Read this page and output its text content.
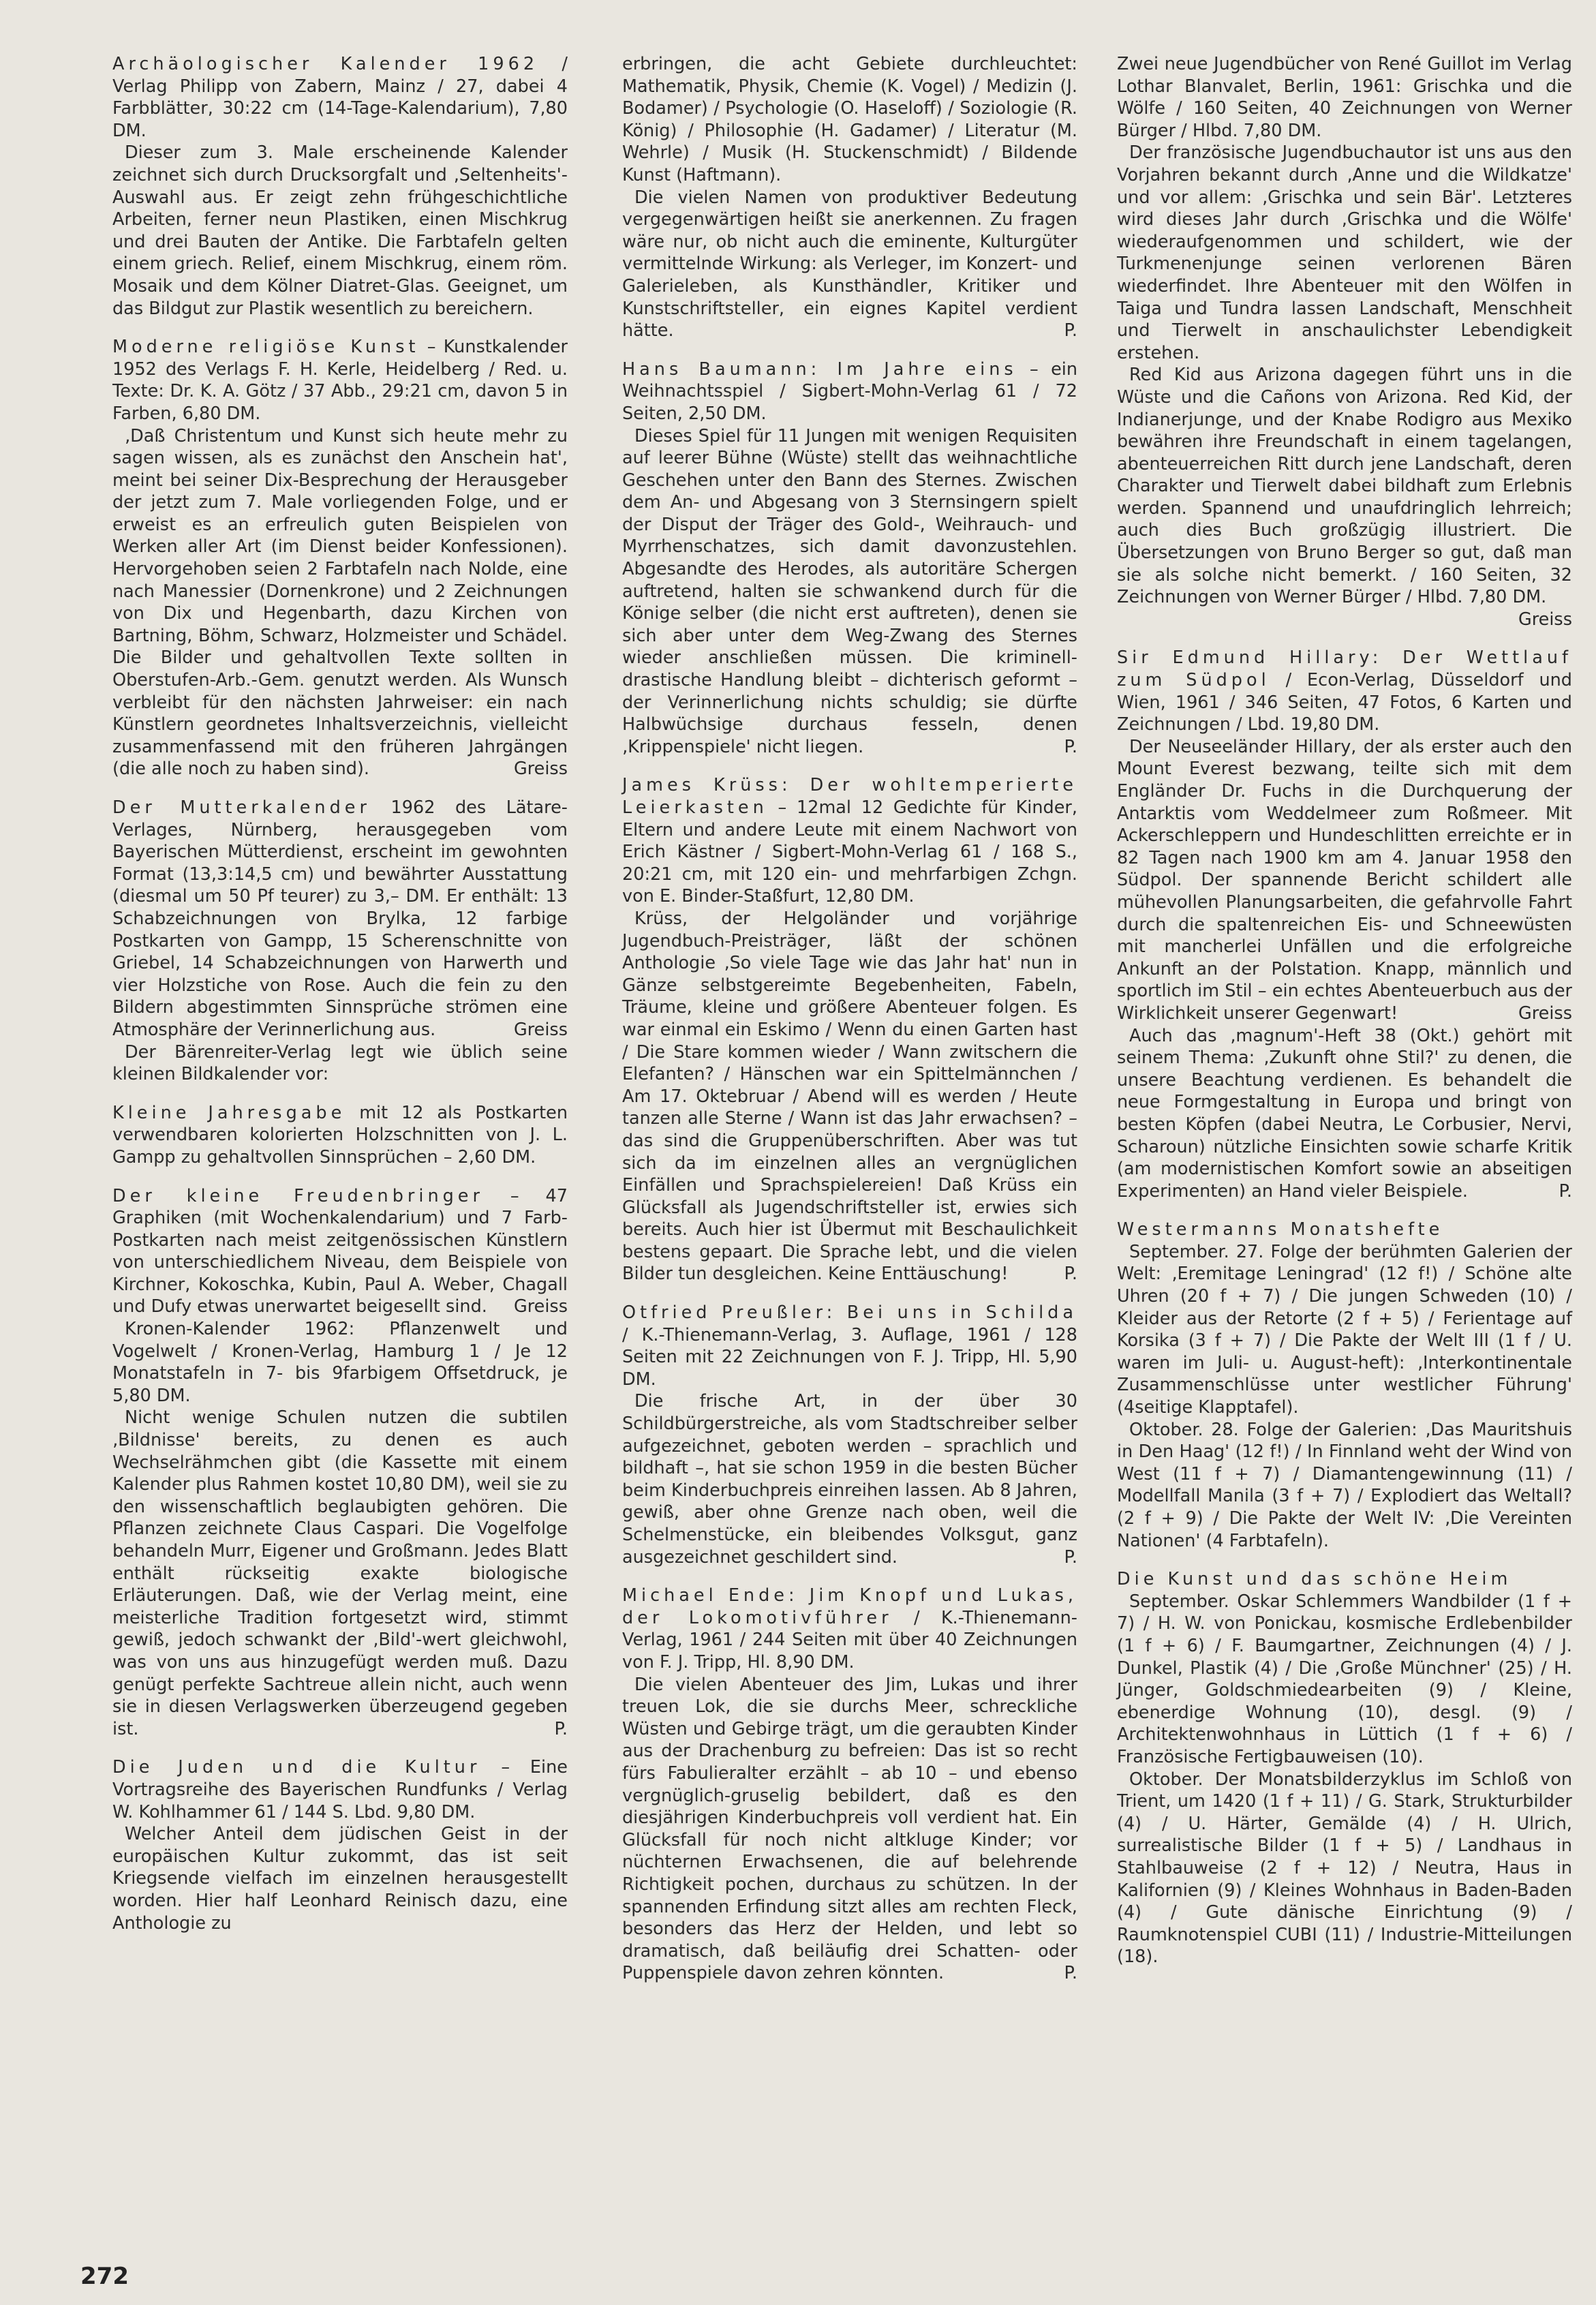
Archäologischer Kalender 1962 / Verlag Philipp von Zabern, Mainz / 27, dabei 4 Farbblätter, 30:22 cm (14-Tage-Kalendarium), 7,80 DM.

Dieser zum 3. Male erscheinende Kalender zeichnet sich durch Drucksorgfalt und ‚Seltenheits'-Auswahl aus. Er zeigt zehn frühgeschichtliche Arbeiten, ferner neun Plastiken, einen Mischkrug und drei Bauten der Antike. Die Farbtafeln gelten einem griech. Relief, einem Mischkrug, einem röm. Mosaik und dem Kölner Diatret-Glas. Geeignet, um das Bildgut zur Plastik wesentlich zu bereichern.

Moderne religiöse Kunst – Kunstkalender 1952 des Verlags F. H. Kerle, Heidelberg / Red. u. Texte: Dr. K. A. Götz / 37 Abb., 29:21 cm, davon 5 in Farben, 6,80 DM.

‚Daß Christentum und Kunst sich heute mehr zu sagen wissen, als es zunächst den Anschein hat', meint bei seiner Dix-Besprechung der Herausgeber der jetzt zum 7. Male vorliegenden Folge, und er erweist es an erfreulich guten Beispielen von Werken aller Art (im Dienst beider Konfessionen). Hervorgehoben seien 2 Farbtafeln nach Nolde, eine nach Manessier (Dornenkrone) und 2 Zeichnungen von Dix und Hegenbarth, dazu Kirchen von Bartning, Böhm, Schwarz, Holzmeister und Schädel. Die Bilder und gehaltvollen Texte sollten in Oberstufen-Arb.-Gem. genutzt werden. Als Wunsch verbleibt für den nächsten Jahrweiser: ein nach Künstlern geordnetes Inhaltsverzeichnis, vielleicht zusammenfassend mit den früheren Jahrgängen (die alle noch zu haben sind).	Greiss

Der Mutterkalender 1962 des Lätare-Verlages, Nürnberg, herausgegeben vom Bayerischen Mütterdienst, erscheint im gewohnten Format (13,3:14,5 cm) und bewährter Ausstattung (diesmal um 50 Pf teurer) zu 3,– DM. Er enthält: 13 Schabzeichnungen von Brylka, 12 farbige Postkarten von Gampp, 15 Scherenschnitte von Griebel, 14 Schabzeichnungen von Harwerth und vier Holzstiche von Rose. Auch die fein zu den Bildern abgestimmten Sinnsprüche strömen eine Atmosphäre der Verinnerlichung aus.	Greiss

Der Bärenreiter-Verlag legt wie üblich seine kleinen Bildkalender vor:

Kleine Jahresgabe mit 12 als Postkarten verwendbaren kolorierten Holzschnitten von J. L. Gampp zu gehaltvollen Sinnsprüchen – 2,60 DM.

Der kleine Freudenbringer – 47 Graphiken (mit Wochenkalendarium) und 7 Farb-Postkarten nach meist zeitgenössischen Künstlern von unterschiedlichem Niveau, dem Beispiele von Kirchner, Kokoschka, Kubin, Paul A. Weber, Chagall und Dufy etwas unerwartet beigesellt sind. Greiss

Kronen-Kalender 1962: Pflanzenwelt und Vogelwelt / Kronen-Verlag, Hamburg 1 / Je 12 Monatstafeln in 7- bis 9farbigem Offsetdruck, je 5,80 DM.

Nicht wenige Schulen nutzen die subtilen ‚Bildnisse' bereits, zu denen es auch Wechselrähmchen gibt (die Kassette mit einem Kalender plus Rahmen kostet 10,80 DM), weil sie zu den wissenschaftlich beglaubigten gehören. Die Pflanzen zeichnete Claus Caspari. Die Vogelfolge behandeln Murr, Eigener und Großmann. Jedes Blatt enthält rückseitig exakte biologische Erläuterungen. Daß, wie der Verlag meint, eine meisterliche Tradition fortgesetzt wird, stimmt gewiß, jedoch schwankt der ‚Bild'-wert gleichwohl, was von uns aus hinzugefügt werden muß. Dazu genügt perfekte Sachtreue allein nicht, auch wenn sie in diesen Verlagswerken überzeugend gegeben ist.	P.

Die Juden und die Kultur – Eine Vortragsreihe des Bayerischen Rundfunks / Verlag W. Kohlhammer 61 / 144 S. Lbd. 9,80 DM.

Welcher Anteil dem jüdischen Geist in der europäischen Kultur zukommt, das ist seit Kriegsende vielfach im einzelnen herausgestellt worden. Hier half Leonhard Reinisch dazu, eine Anthologie zu

erbringen, die acht Gebiete durchleuchtet: Mathematik, Physik, Chemie (K. Vogel) / Medizin (J. Bodamer) / Psychologie (O. Haseloff) / Soziologie (R. König) / Philosophie (H. Gadamer) / Literatur (M. Wehrle) / Musik (H. Stuckenschmidt) / Bildende Kunst (Haftmann).

Die vielen Namen von produktiver Bedeutung vergegenwärtigen heißt sie anerkennen. Zu fragen wäre nur, ob nicht auch die eminente, Kulturgüter vermittelnde Wirkung: als Verleger, im Konzert- und Galerieleben, als Kunsthändler, Kritiker und Kunstschriftsteller, ein eignes Kapitel verdient hätte.	P.

Hans Baumann: Im Jahre eins – ein Weihnachtsspiel / Sigbert-Mohn-Verlag 61 / 72 Seiten, 2,50 DM.

Dieses Spiel für 11 Jungen mit wenigen Requisiten auf leerer Bühne (Wüste) stellt das weihnachtliche Geschehen unter den Bann des Sternes. Zwischen dem An- und Abgesang von 3 Sternsingern spielt der Disput der Träger des Gold-, Weihrauch- und Myrrhenschatzes, sich damit davonzustehlen. Abgesandte des Herodes, als autoritäre Schergen auftretend, halten sie schwankend durch für die Könige selber (die nicht erst auftreten), denen sie sich aber unter dem Weg-Zwang des Sternes wieder anschließen müssen. Die kriminell-drastische Handlung bleibt – dichterisch geformt – der Verinnerlichung nichts schuldig; sie dürfte Halbwüchsige durchaus fesseln, denen ‚Krippenspiele' nicht liegen.	P.

James Krüss: Der wohltemperierte Leierkasten – 12mal 12 Gedichte für Kinder, Eltern und andere Leute mit einem Nachwort von Erich Kästner / Sigbert-Mohn-Verlag 61 / 168 S., 20:21 cm, mit 120 ein- und mehrfarbigen Zchgn. von E. Binder-Staßfurt, 12,80 DM.

Krüss, der Helgoländer und vorjährige Jugendbuch-Preisträger, läßt der schönen Anthologie ‚So viele Tage wie das Jahr hat' nun in Gänze selbstgereimte Begebenheiten, Fabeln, Träume, kleine und größere Abenteuer folgen. Es war einmal ein Eskimo / Wenn du einen Garten hast / Die Stare kommen wieder / Wann zwitschern die Elefanten? / Hänschen war ein Spittelmännchen / Am 17. Oktebruar / Abend will es werden / Heute tanzen alle Sterne / Wann ist das Jahr erwachsen? – das sind die Gruppenüberschriften. Aber was tut sich da im einzelnen alles an vergnüglichen Einfällen und Sprachspielereien! Daß Krüss ein Glücksfall als Jugendschriftsteller ist, erwies sich bereits. Auch hier ist Übermut mit Beschaulichkeit bestens gepaart. Die Sprache lebt, und die vielen Bilder tun desgleichen. Keine Enttäuschung!	P.

Otfried Preußler: Bei uns in Schilda / K.-Thienemann-Verlag, 3. Auflage, 1961 / 128 Seiten mit 22 Zeichnungen von F. J. Tripp, Hl. 5,90 DM.

Die frische Art, in der über 30 Schildbürgerstreiche, als vom Stadtschreiber selber aufgezeichnet, geboten werden – sprachlich und bildhaft –, hat sie schon 1959 in die besten Bücher beim Kinderbuchpreis einreihen lassen. Ab 8 Jahren, gewiß, aber ohne Grenze nach oben, weil die Schelmenstücke, ein bleibendes Volksgut, ganz ausgezeichnet geschildert sind.	P.

Michael Ende: Jim Knopf und Lukas, der Lokomotivführer / K.-Thienemann-Verlag, 1961 / 244 Seiten mit über 40 Zeichnungen von F. J. Tripp, Hl. 8,90 DM.

Die vielen Abenteuer des Jim, Lukas und ihrer treuen Lok, die sie durchs Meer, schreckliche Wüsten und Gebirge trägt, um die geraubten Kinder aus der Drachenburg zu befreien: Das ist so recht fürs Fabulieralter erzählt – ab 10 – und ebenso vergnüglich-gruselig bebildert, daß es den diesjährigen Kinderbuchpreis voll verdient hat. Ein Glücksfall für noch nicht altkluge Kinder; vor nüchternen Erwachsenen, die auf belehrende Richtigkeit pochen, durchaus zu schützen. In der spannenden Erfindung sitzt alles am rechten Fleck, besonders das Herz der Helden, und lebt so dramatisch, daß beiläufig drei Schatten- oder Puppenspiele davon zehren könnten.	P.

Zwei neue Jugendbücher von René Guillot im Verlag Lothar Blanvalet, Berlin, 1961: Grischka und die Wölfe / 160 Seiten, 40 Zeichnungen von Werner Bürger / Hlbd. 7,80 DM.

Der französische Jugendbuchautor ist uns aus den Vorjahren bekannt durch ‚Anne und die Wildkatze' und vor allem: ‚Grischka und sein Bär'. Letzteres wird dieses Jahr durch ‚Grischka und die Wölfe' wiederaufgenommen und schildert, wie der Turkmenenjunge seinen verlorenen Bären wiederfindet. Ihre Abenteuer mit den Wölfen in Taiga und Tundra lassen Landschaft, Menschheit und Tierwelt in anschaulichster Lebendigkeit erstehen.

Red Kid aus Arizona dagegen führt uns in die Wüste und die Cañons von Arizona. Red Kid, der Indianerjunge, und der Knabe Rodigro aus Mexiko bewähren ihre Freundschaft in einem tagelangen, abenteuerreichen Ritt durch jene Landschaft, deren Charakter und Tierwelt dabei bildhaft zum Erlebnis werden. Spannend und unaufdringlich lehrreich; auch dies Buch großzügig illustriert. Die Übersetzungen von Bruno Berger so gut, daß man sie als solche nicht bemerkt. / 160 Seiten, 32 Zeichnungen von Werner Bürger / Hlbd. 7,80 DM.
Greiss

Sir Edmund Hillary: Der Wettlauf zum Südpol / Econ-Verlag, Düsseldorf und Wien, 1961 / 346 Seiten, 47 Fotos, 6 Karten und Zeichnungen / Lbd. 19,80 DM.

Der Neuseeländer Hillary, der als erster auch den Mount Everest bezwang, teilte sich mit dem Engländer Dr. Fuchs in die Durchquerung der Antarktis vom Weddelmeer zum Roßmeer. Mit Ackerschleppern und Hundeschlitten erreichte er in 82 Tagen nach 1900 km am 4. Januar 1958 den Südpol. Der spannende Bericht schildert alle mühevollen Planungsarbeiten, die gefahrvolle Fahrt durch die spaltenreichen Eis- und Schneewüsten mit mancherlei Unfällen und die erfolgreiche Ankunft an der Polstation. Knapp, männlich und sportlich im Stil – ein echtes Abenteuerbuch aus der Wirklichkeit unserer Gegenwart!	Greiss

Auch das ‚magnum'-Heft 38 (Okt.) gehört mit seinem Thema: ‚Zukunft ohne Stil?' zu denen, die unsere Beachtung verdienen. Es behandelt die neue Formgestaltung in Europa und bringt von besten Köpfen (dabei Neutra, Le Corbusier, Nervi, Scharoun) nützliche Einsichten sowie scharfe Kritik (am modernistischen Komfort sowie an abseitigen Experimenten) an Hand vieler Beispiele.	P.

Westermanns Monatshefte

September. 27. Folge der berühmten Galerien der Welt: ‚Eremitage Leningrad' (12 f!) / Schöne alte Uhren (20 f + 7) / Die jungen Schweden (10) / Kleider aus der Retorte (2 f + 5) / Ferientage auf Korsika (3 f + 7) / Die Pakte der Welt III (1 f / U. waren im Juli- u. August-heft): ‚Interkontinentale Zusammenschlüsse unter westlicher Führung' (4seitige Klapptafel).

Oktober. 28. Folge der Galerien: ‚Das Mauritshuis in Den Haag' (12 f!) / In Finnland weht der Wind von West (11 f + 7) / Diamantengewinnung (11) / Modellfall Manila (3 f + 7) / Explodiert das Weltall? (2 f + 9) / Die Pakte der Welt IV: ‚Die Vereinten Nationen' (4 Farbtafeln).

Die Kunst und das schöne Heim

September. Oskar Schlemmers Wandbilder (1 f + 7) / H. W. von Ponickau, kosmische Erdlebenbilder (1 f + 6) / F. Baumgartner, Zeichnungen (4) / J. Dunkel, Plastik (4) / Die ‚Große Münchner' (25) / H. Jünger, Goldschmiedearbeiten (9) / Kleine, ebenerdige Wohnung (10), desgl. (9) / Architektenwohnhaus in Lüttich (1 f + 6) / Französische Fertigbauweisen (10).

Oktober. Der Monatsbilderzyklus im Schloß von Trient, um 1420 (1 f + 11) / G. Stark, Strukturbilder (4) / U. Härter, Gemälde (4) / H. Ulrich, surrealistische Bilder (1 f + 5) / Landhaus in Stahlbauweise (2 f + 12) / Neutra, Haus in Kalifornien (9) / Kleines Wohnhaus in Baden-Baden (4) / Gute dänische Einrichtung (9) / Raumknotenspiel CUBI (11) / Industrie-Mitteilungen (18).

272
